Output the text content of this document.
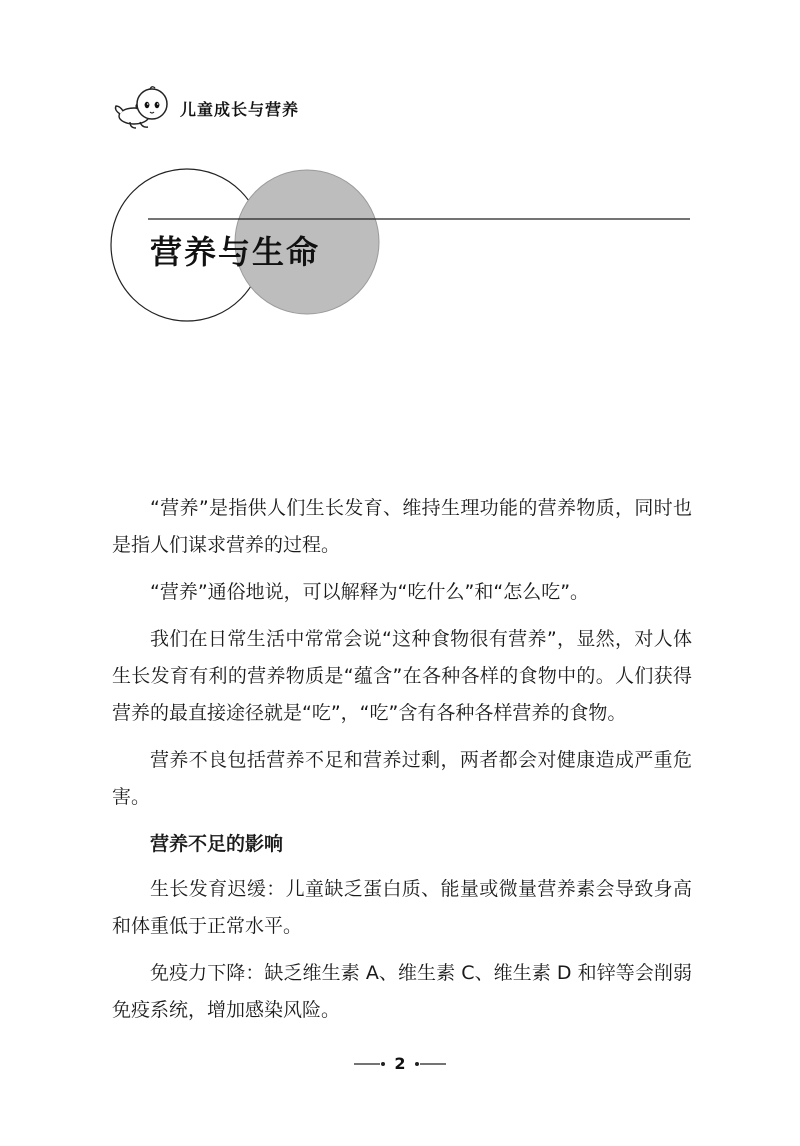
儿童成长与营养
营养与生命

“营养”是指供人们生长发育、维持生理功能的营养物质，同时也是指人们谋求营养的过程。

“营养”通俗地说，可以解释为“吃什么”和“怎么吃”。

我们在日常生活中常常会说“这种食物很有营养”，显然，对人体生长发育有利的营养物质是“蕴含”在各种各样的食物中的。人们获得营养的最直接途径就是“吃”，“吃”含有各种各样营养的食物。

营养不良包括营养不足和营养过剩，两者都会对健康造成严重危害。

营养不足的影响

生长发育迟缓：儿童缺乏蛋白质、能量或微量营养素会导致身高和体重低于正常水平。

免疫力下降：缺乏维生素 A、维生素 C、维生素 D 和锌等会削弱免疫系统，增加感染风险。

2
